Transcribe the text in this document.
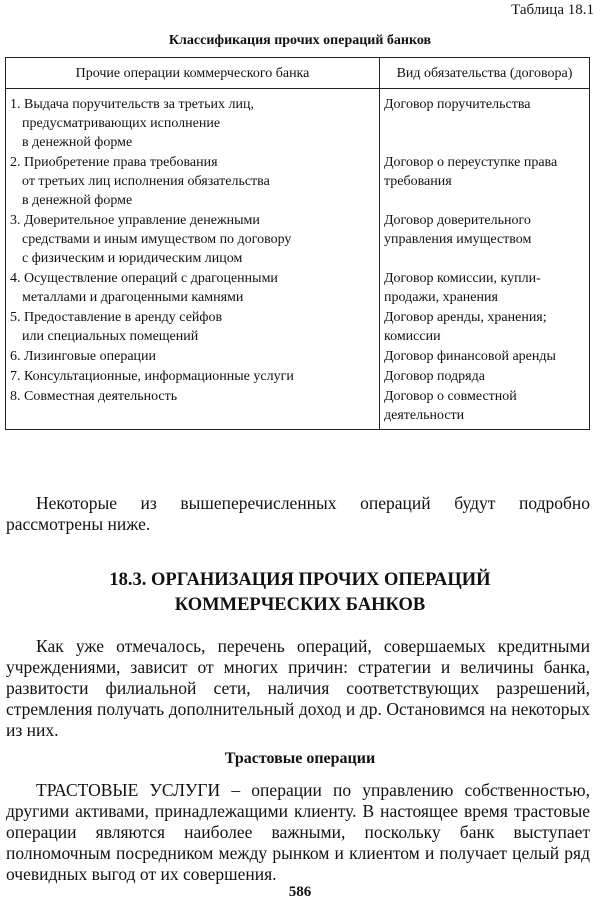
Таблица 18.1
Классификация прочих операций банков
Прочие операции коммерческого банка	Вид обязательства (договора)

1. Выдача поручительств за третьих лиц,
предусматривающих исполнение
в денежной форме	Договор поручительства

2. Приобретение права требования
от третьих лиц исполнения обязательства
в денежной форме	Договор о переуступке права требования

3. Доверительное управление денежными
средствами и иным имуществом по договору
с физическим и юридическим лицом	Договор доверительного управления имуществом

4. Осуществление операций с драгоценными
металлами и драгоценными камнями	Договор комиссии, купли-продажи, хранения

5. Предоставление в аренду сейфов
или специальных помещений	Договор аренды, хранения; комиссии

6. Лизинговые операции	Договор финансовой аренды

7. Консультационные, информационные услуги	Договор подряда

8. Совместная деятельность	Договор о совместной деятельности
Некоторые из вышеперечисленных операций будут подробно рассмотрены ниже.
18.3. ОРГАНИЗАЦИЯ ПРОЧИХ ОПЕРАЦИЙ
КОММЕРЧЕСКИХ БАНКОВ
Как уже отмечалось, перечень операций, совершаемых кредитными учреждениями, зависит от многих причин: стратегии и величины банка, развитости филиальной сети, наличия соответствующих разрешений, стремления получать дополнительный доход и др. Остановимся на некоторых из них.
Трастовые операции
ТРАСТОВЫЕ УСЛУГИ – операции по управлению собственностью, другими активами, принадлежащими клиенту. В настоящее время трастовые операции являются наиболее важными, поскольку банк выступает полномочным посредником между рынком и клиентом и получает целый ряд очевидных выгод от их совершения.
586
